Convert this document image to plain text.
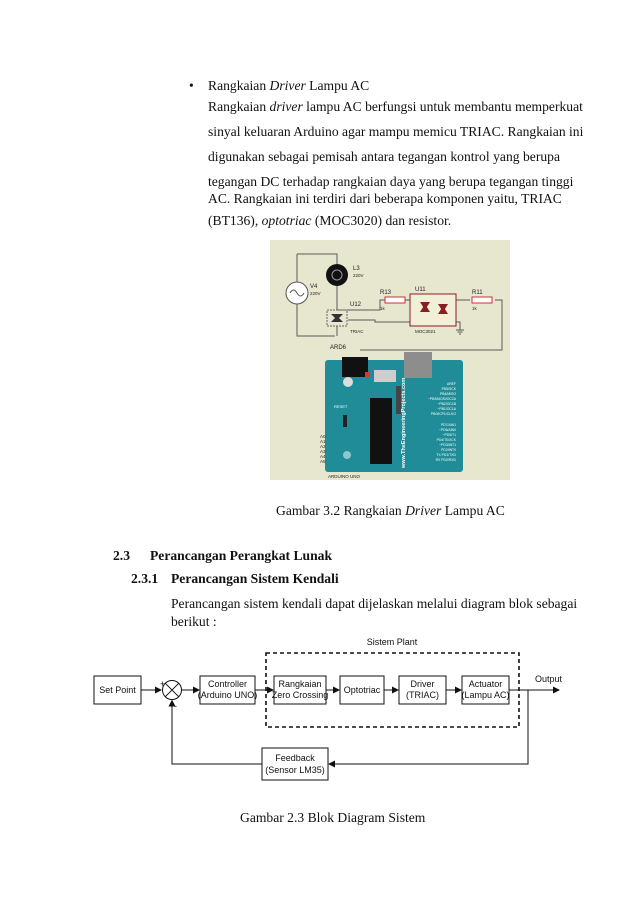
• Rangkaian Driver Lampu AC
Rangkaian driver lampu AC berfungsi untuk membantu memperkuat
sinyal keluaran Arduino agar mampu memicu TRIAC. Rangkaian ini
digunakan sebagai pemisah antara tegangan kontrol yang berupa
tegangan DC terhadap rangkaian daya yang berupa tegangan tinggi
AC. Rangkaian ini terdiri dari beberapa komponen yaitu, TRIAC
(BT136), optotriac (MOC3020) dan resistor.
V4
220V
L3
220V
U12
TRIAC
R13
1k
U11
MOC3021
R11
1k
ARD6
RESET	www.TheEngineeringProjects.com
A0
A1
A2
A3
A4
A5
AREF
PB5/SCK
PB4/MISO
~PB3/MOSI/OC2A
~PB2/OC1B
~PB1/OC1A
PB0/ICP1/CLKO
PD7/AIN1
~PD6/AIN0
~PD5/T1
PD4/T0/XCK
~PD3/INT1
PD2/INT0
TX PD1/TXD
RX PD0/RXD
ARDUINO UNO
Gambar 3.2 Rangkaian Driver Lampu AC
2.3 Perancangan Perangkat Lunak
2.3.1 Perancangan Sistem Kendali
Perancangan sistem kendali dapat dijelaskan melalui diagram blok sebagai
berikut :
Sistem Plant
Set Point
+
-
Controller
(Arduino UNO)
Rangkaian
Zero Crossing Optotriac
Driver
(TRIAC)
Actuator
(Lampu AC)
Output
Feedback
(Sensor LM35)
Gambar 2.3 Blok Diagram Sistem
